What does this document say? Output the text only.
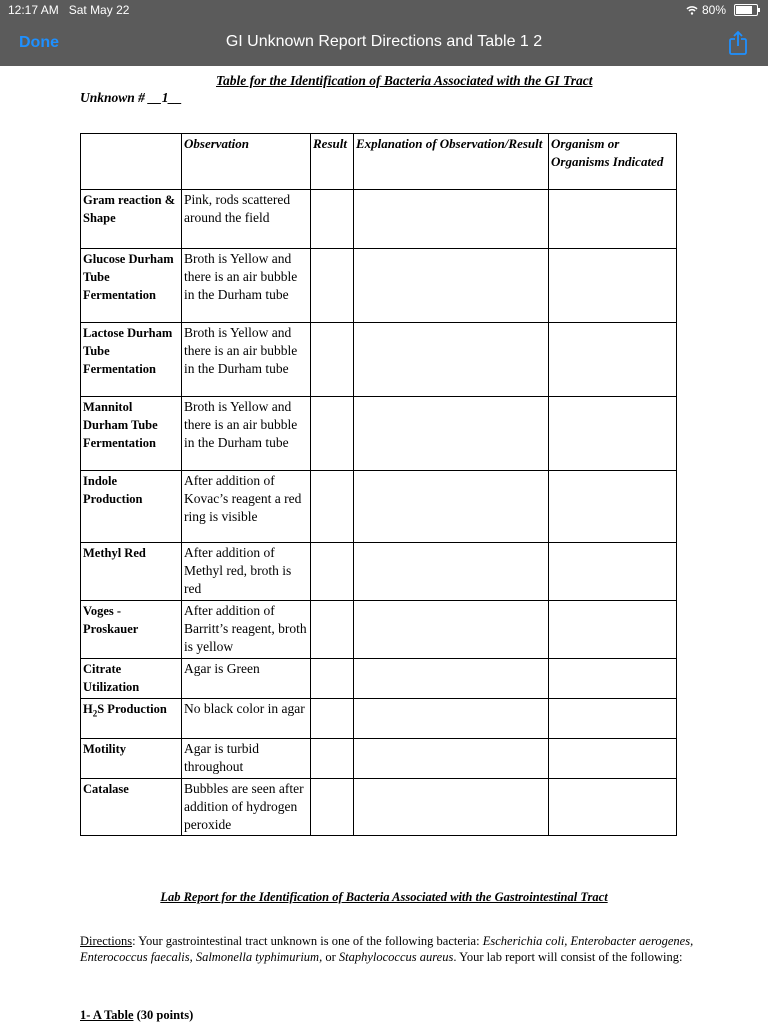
12:17 AM Sat May 22	80%
Done	GI Unknown Report Directions and Table 1 2
Table for the Identification of Bacteria Associated with the GI Tract
Unknown # __1__
	Observation	Result	Explanation of Observation/Result	Organism or Organisms Indicated
Gram reaction & Shape	Pink, rods scattered around the field			
Glucose Durham Tube Fermentation	Broth is Yellow and there is an air bubble in the Durham tube			
Lactose Durham Tube Fermentation	Broth is Yellow and there is an air bubble in the Durham tube			
Mannitol Durham Tube Fermentation	Broth is Yellow and there is an air bubble in the Durham tube			
Indole Production	After addition of Kovac’s reagent a red ring is visible			
Methyl Red	After addition of Methyl red, broth is red			
Voges - Proskauer	After addition of Barritt’s reagent, broth is yellow			
Citrate Utilization	Agar is Green			
$H_2S$ Production	No black color in agar			
Motility	Agar is turbid throughout			
Catalase	Bubbles are seen after addition of hydrogen peroxide			
Lab Report for the Identification of Bacteria Associated with the Gastrointestinal Tract
Directions: Your gastrointestinal tract unknown is one of the following bacteria: Escherichia coli, Enterobacter aerogenes, Enterococcus faecalis, Salmonella typhimurium, or Staphylococcus aureus. Your lab report will consist of the following:
1- A Table (30 points)
